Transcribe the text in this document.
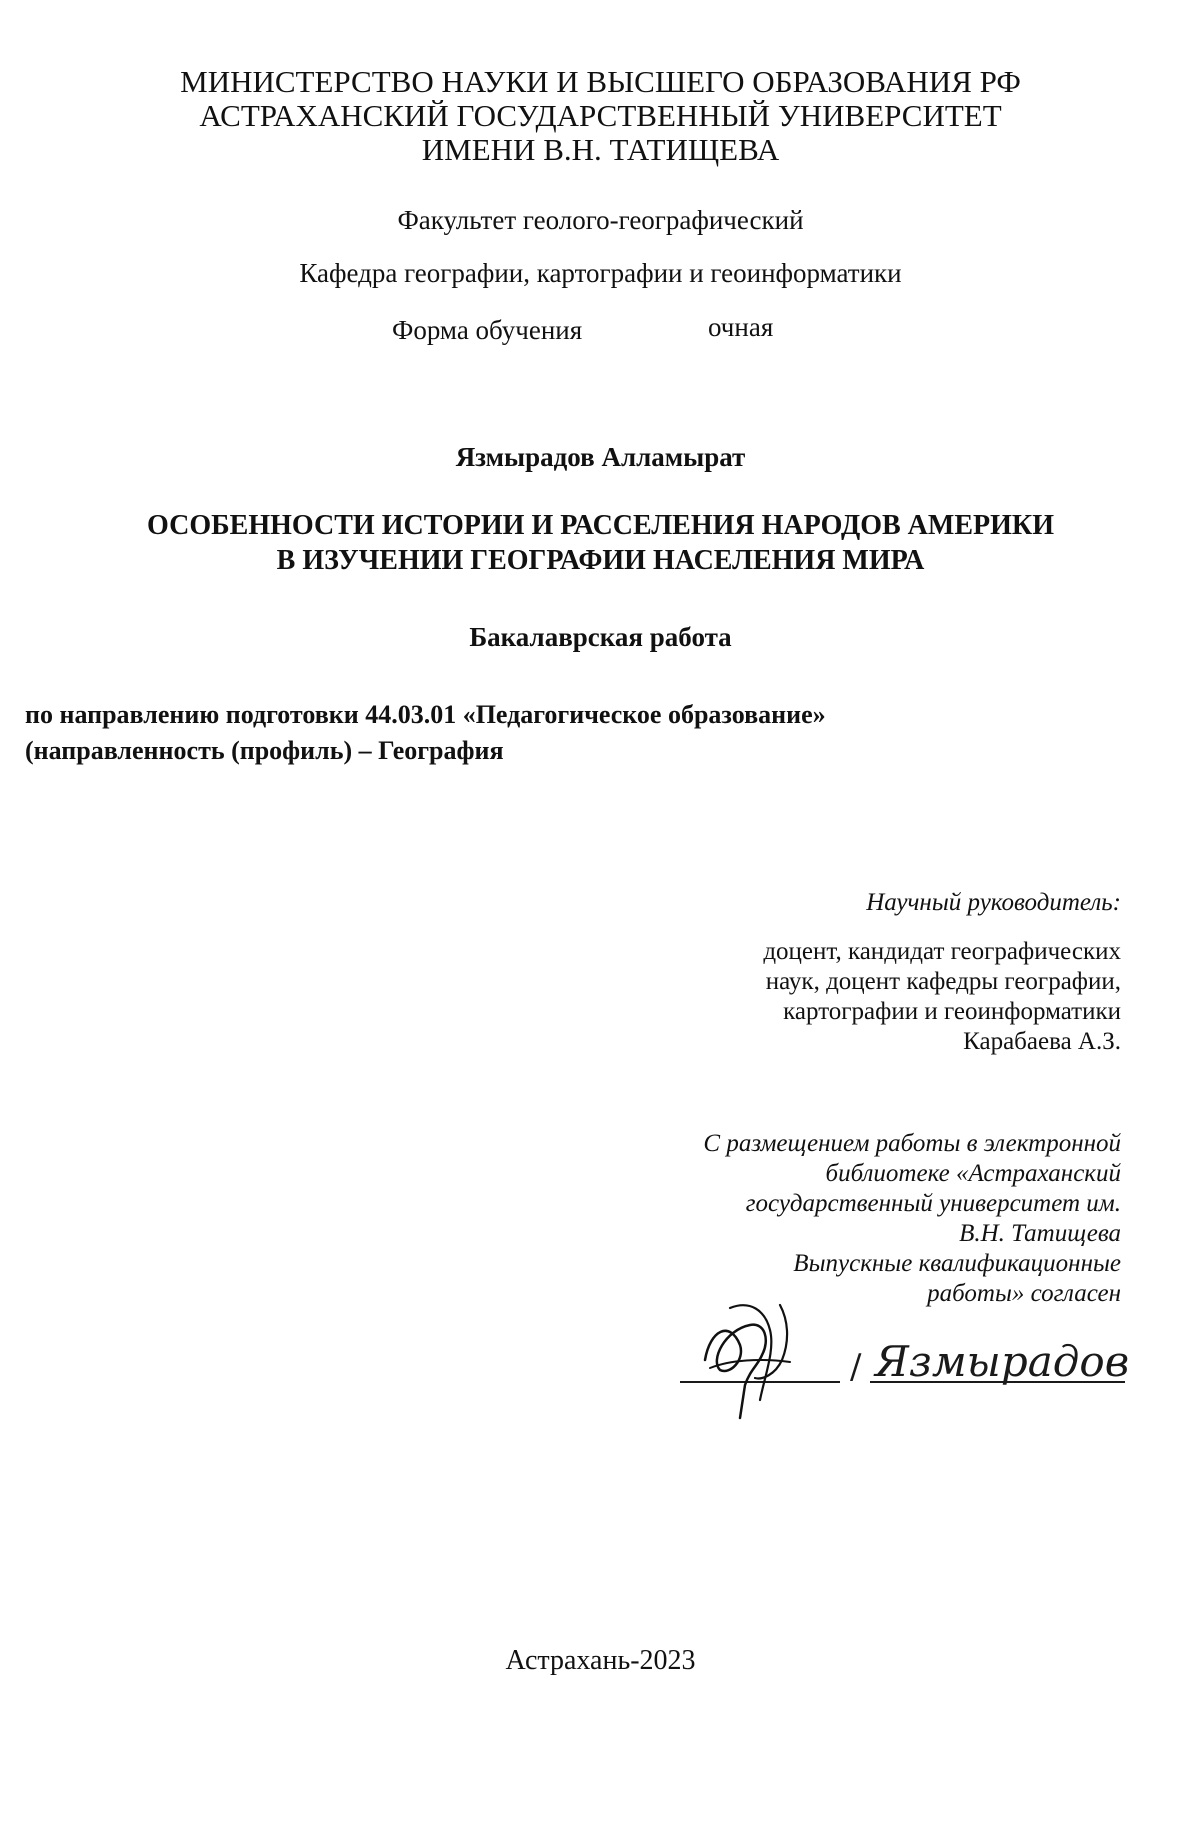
МИНИСТЕРСТВО НАУКИ И ВЫСШЕГО ОБРАЗОВАНИЯ РФ
АСТРАХАНСКИЙ ГОСУДАРСТВЕННЫЙ УНИВЕРСИТЕТ
ИМЕНИ В.Н. ТАТИЩЕВА
Факультет геолого-географический
Кафедра географии, картографии и геоинформатики
Форма обучения	очная
Язмырадов Алламырат
ОСОБЕННОСТИ ИСТОРИИ И РАССЕЛЕНИЯ НАРОДОВ АМЕРИКИ
В ИЗУЧЕНИИ ГЕОГРАФИИ НАСЕЛЕНИЯ МИРА
Бакалаврская работа
по направлению подготовки 44.03.01 «Педагогическое образование»
(направленность (профиль) – География
Научный руководитель:
доцент, кандидат географических
наук, доцент кафедры географии,
картографии и геоинформатики
Карабаева А.З.
С размещением работы в электронной
библиотеке «Астраханский
государственный университет им.
В.Н. Татищева
Выпускные квалификационные
работы» согласен
/ Язмырадов
Астрахань-2023
